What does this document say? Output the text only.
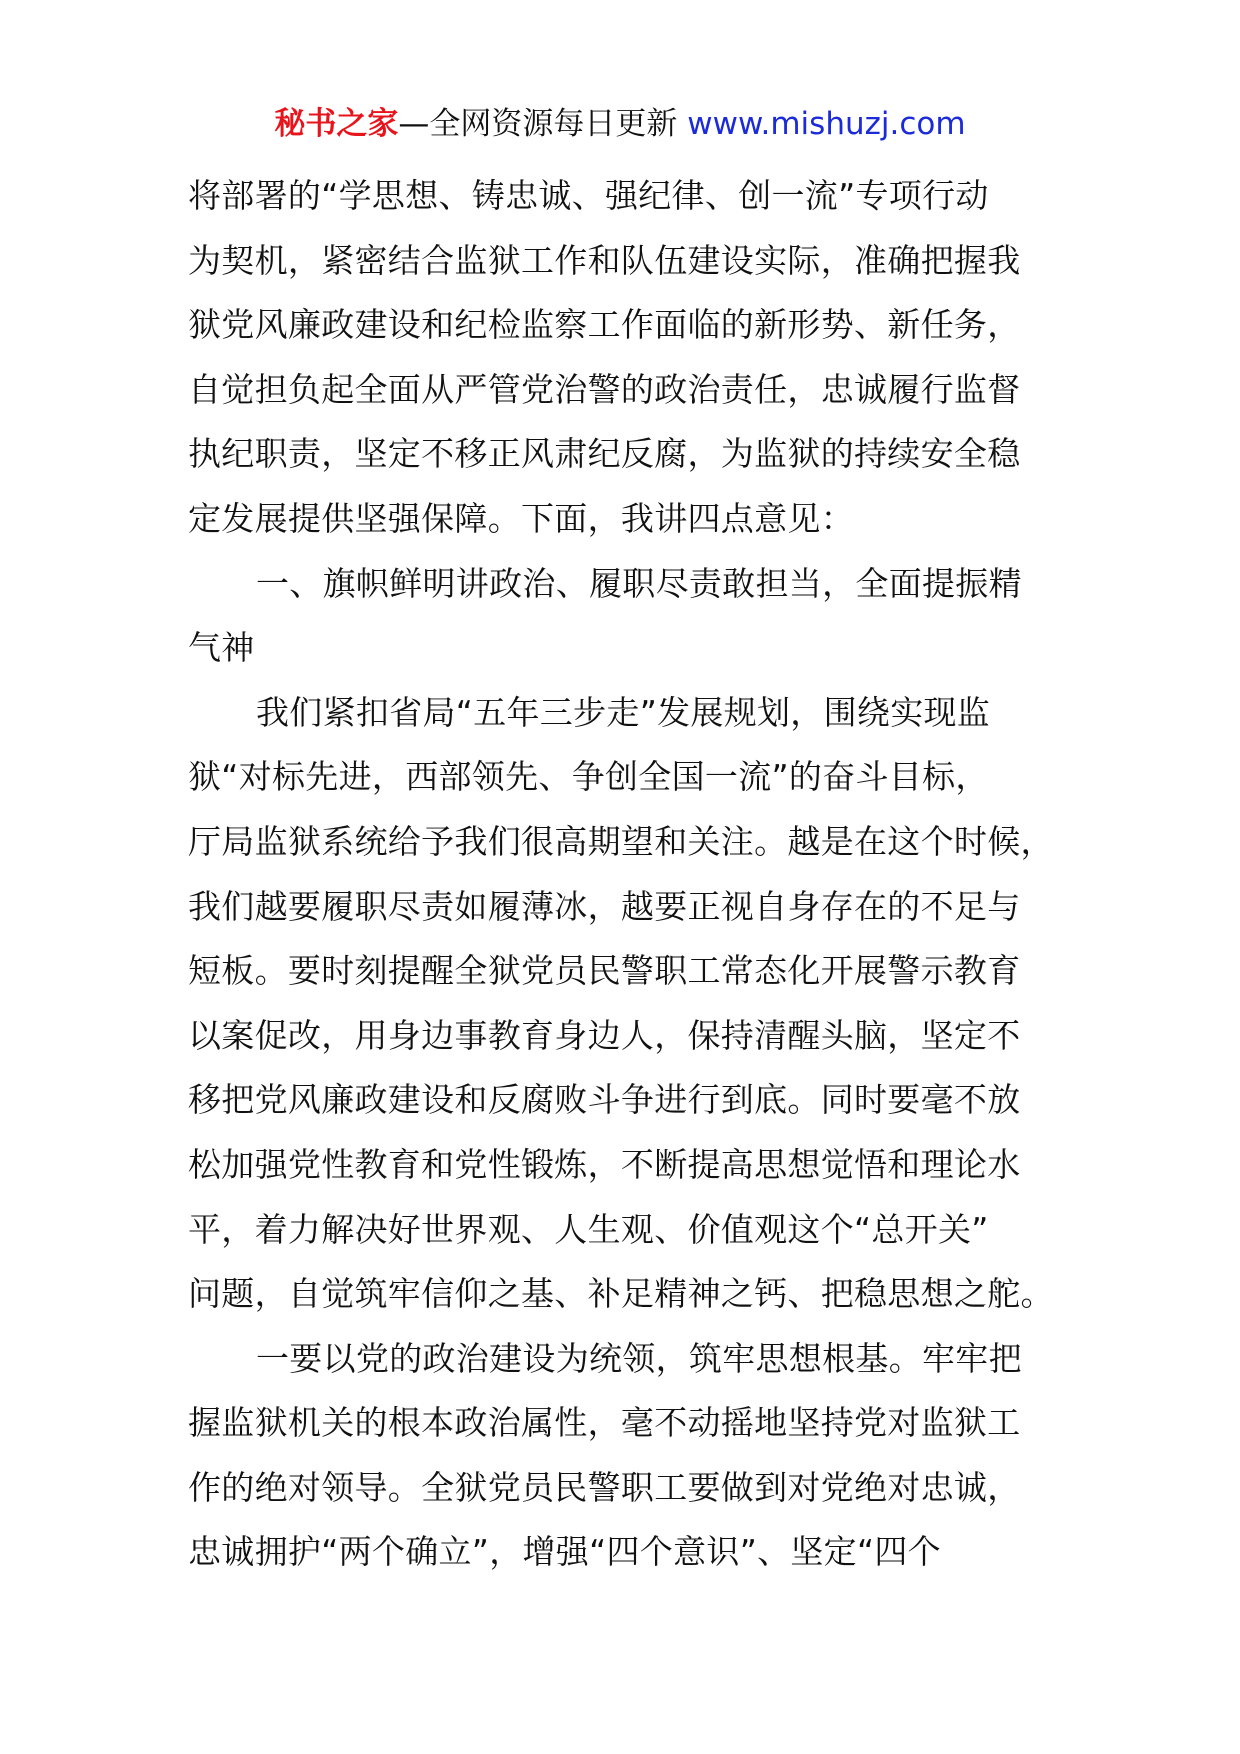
秘书之家—全网资源每日更新 www.mishuzj.com
将部署的“学思想、铸忠诚、强纪律、创一流”专项行动
为契机，紧密结合监狱工作和队伍建设实际，准确把握我
狱党风廉政建设和纪检监察工作面临的新形势、新任务，
自觉担负起全面从严管党治警的政治责任，忠诚履行监督
执纪职责，坚定不移正风肃纪反腐，为监狱的持续安全稳
定发展提供坚强保障。下面，我讲四点意见：
一、旗帜鲜明讲政治、履职尽责敢担当，全面提振精
气神
我们紧扣省局“五年三步走”发展规划，围绕实现监
狱“对标先进，西部领先、争创全国一流”的奋斗目标，
厅局监狱系统给予我们很高期望和关注。越是在这个时候，
我们越要履职尽责如履薄冰，越要正视自身存在的不足与
短板。要时刻提醒全狱党员民警职工常态化开展警示教育
以案促改，用身边事教育身边人，保持清醒头脑，坚定不
移把党风廉政建设和反腐败斗争进行到底。同时要毫不放
松加强党性教育和党性锻炼，不断提高思想觉悟和理论水
平，着力解决好世界观、人生观、价值观这个“总开关”
问题，自觉筑牢信仰之基、补足精神之钙、把稳思想之舵。
一要以党的政治建设为统领，筑牢思想根基。牢牢把
握监狱机关的根本政治属性，毫不动摇地坚持党对监狱工
作的绝对领导。全狱党员民警职工要做到对党绝对忠诚，
忠诚拥护“两个确立”，增强“四个意识”、坚定“四个
